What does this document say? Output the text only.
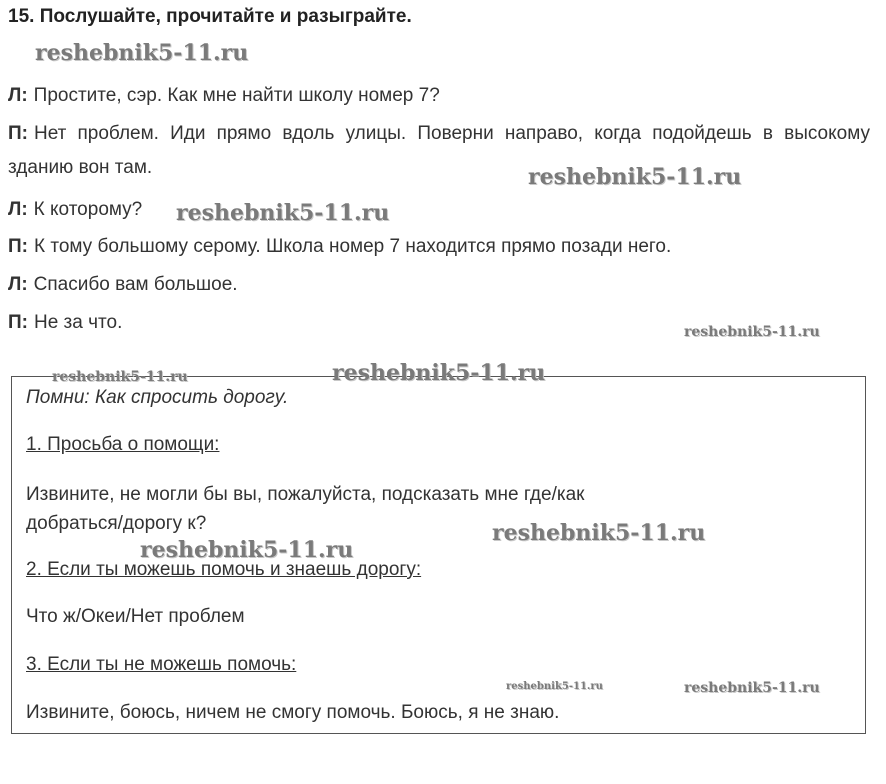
15. Послушайте, прочитайте и разыграйте.
Л: Простите, сэр. Как мне найти школу номер 7?
П: Нет проблем. Иди прямо вдоль улицы. Поверни направо, когда подойдешь в высокому зданию вон там.
Л: К которому?
П: К тому большому серому. Школа номер 7 находится прямо позади него.
Л: Спасибо вам большое.
П: Не за что.
Помни: Как спросить дорогу.
1. Просьба о помощи:
Извините, не могли бы вы, пожалуйста, подсказать мне где/как
добраться/дорогу к?
2. Если ты можешь помочь и знаешь дорогу:
Что ж/Океи/Нет проблем
3. Если ты не можешь помочь:
Извините, боюсь, ничем не смогу помочь. Боюсь, я не знаю.
reshebnik5-11.ru
reshebnik5-11.ru
reshebnik5-11.ru
reshebnik5-11.ru
reshebnik5-11.ru	reshebnik5-11.ru
reshebnik5-11.ru
reshebnik5-11.ru
reshebnik5-11.ru	reshebnik5-11.ru
